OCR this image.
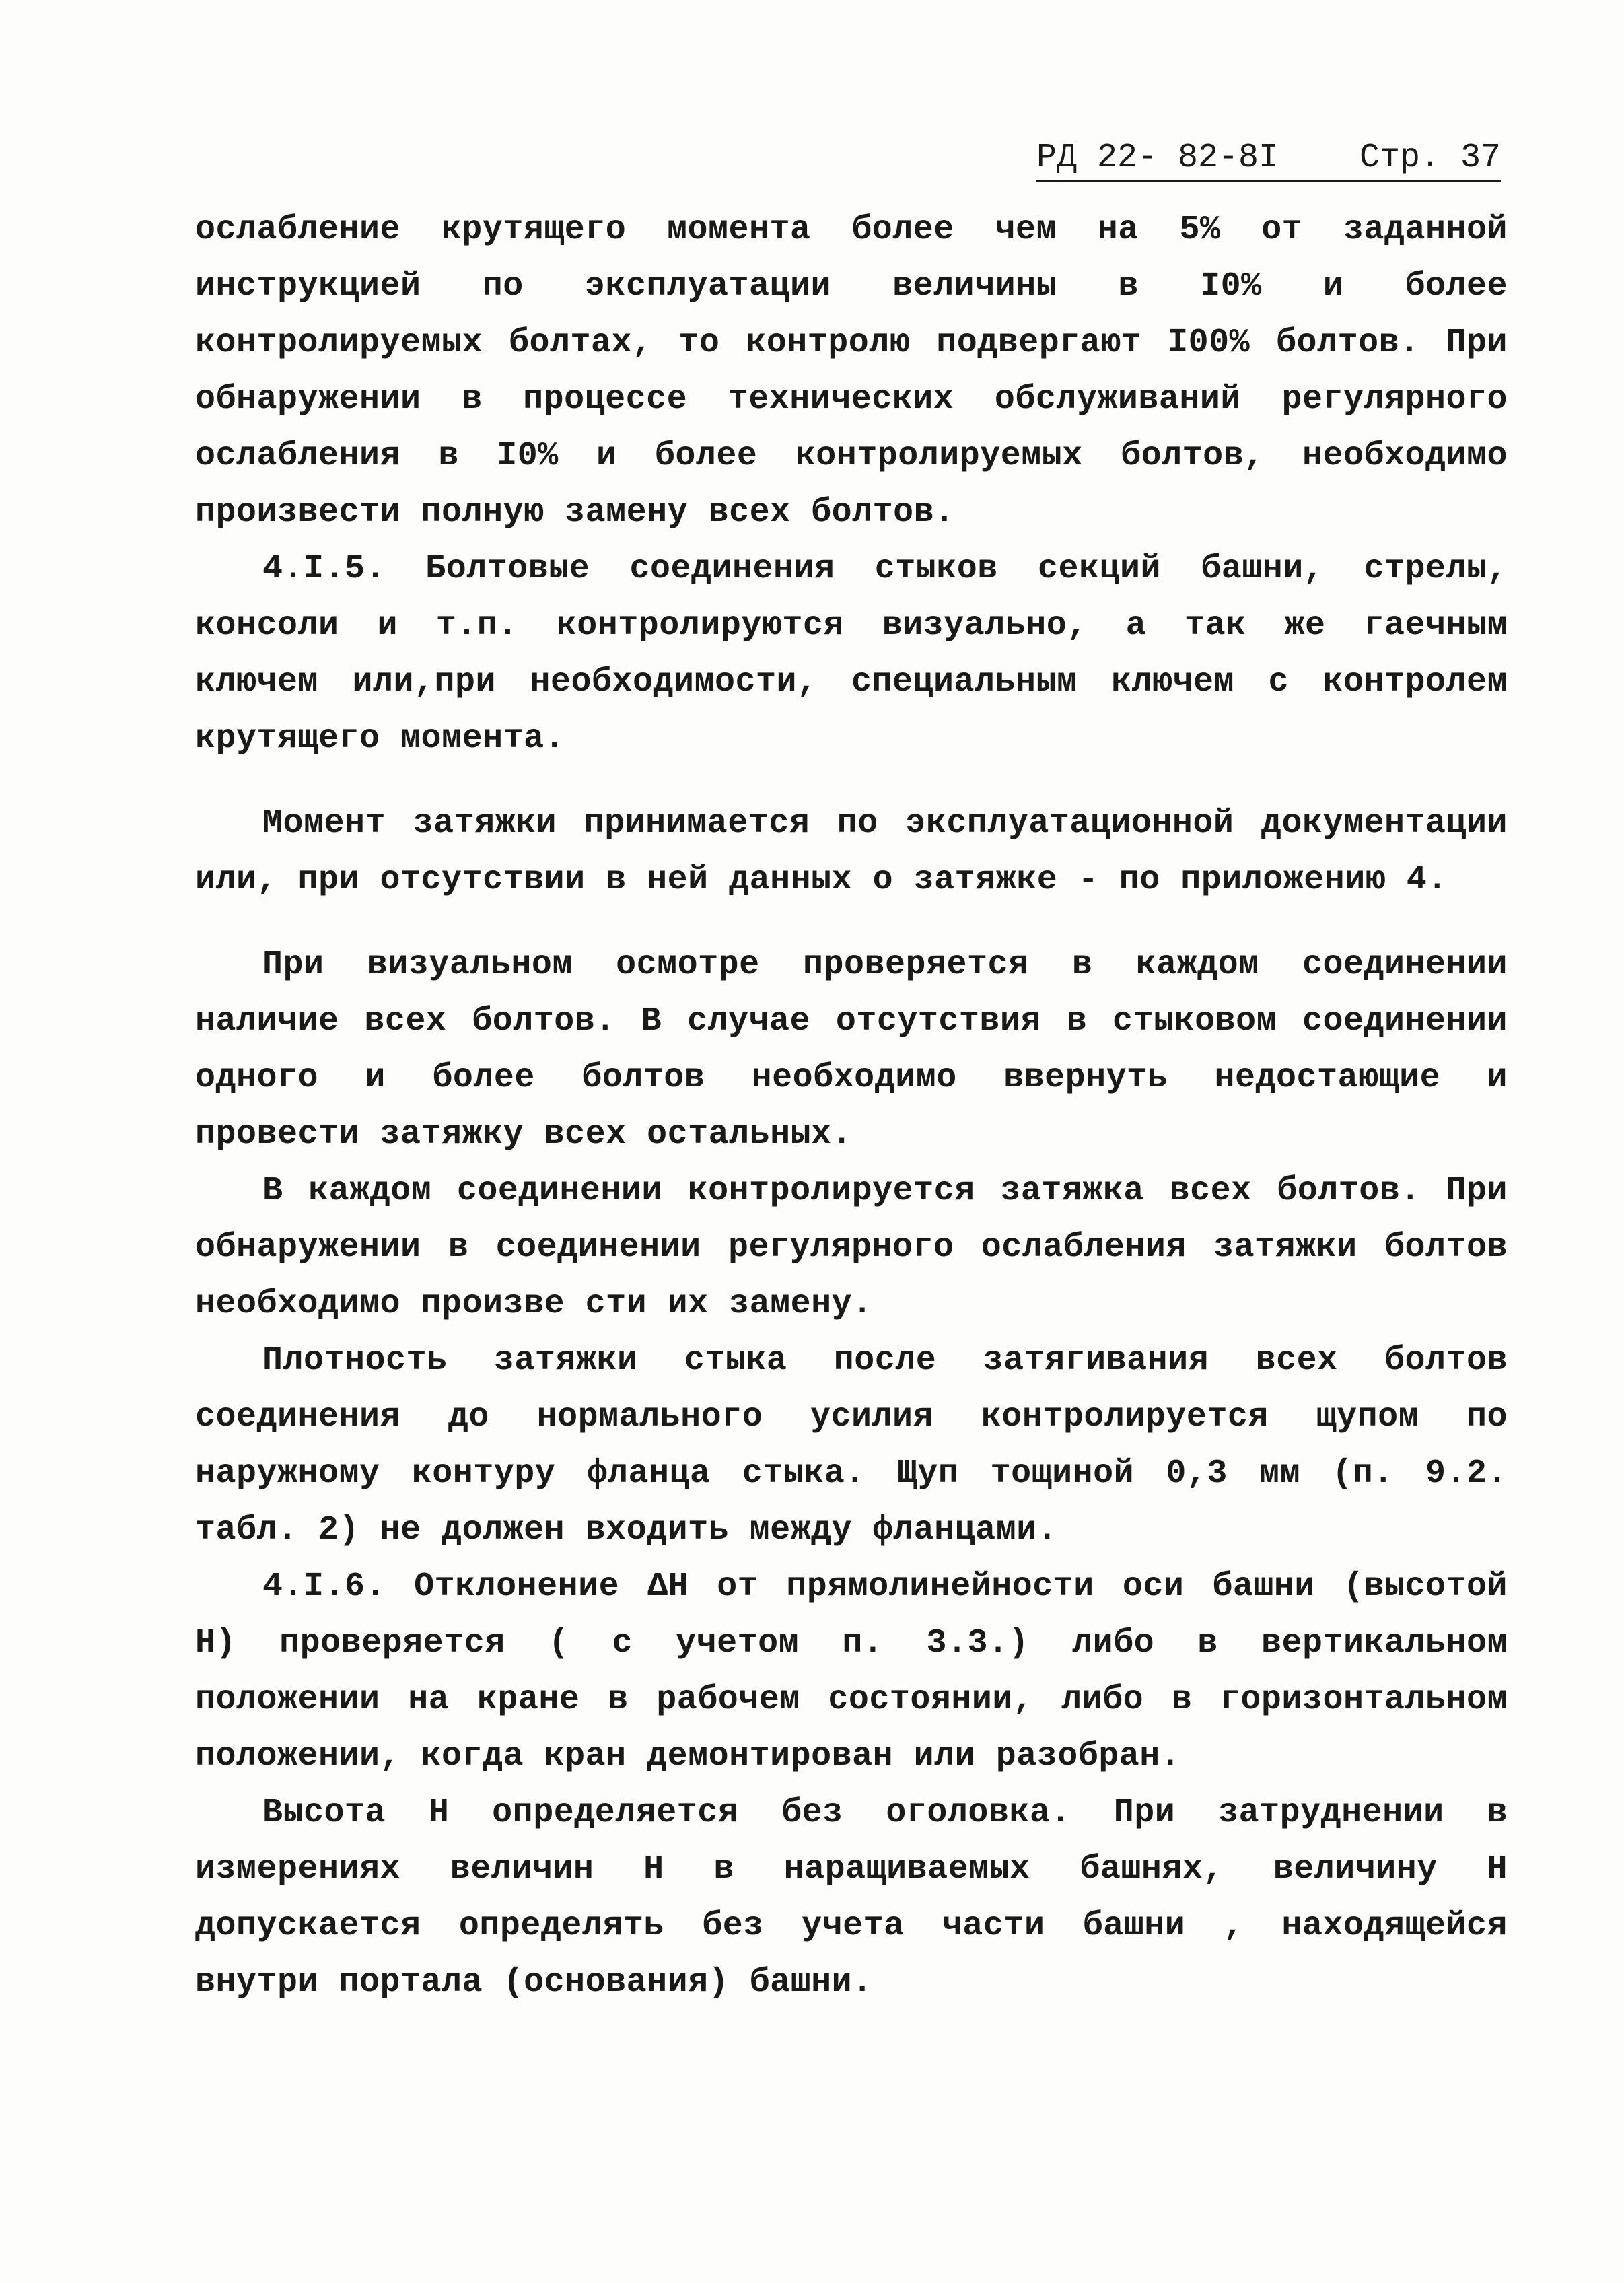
РД 22- 82-8I Стр. 37

ослабление крутящего момента более чем на 5% от заданной инструкцией по эксплуатации величины в I0% и более контролируемых болтах, то контролю подвергают I00% болтов. При обнаружении в процессе технических обслуживаний регулярного ослабления в I0% и более контролируемых болтов, необходимо произвести полную замену всех болтов.

4.I.5. Болтовые соединения стыков секций башни, стрелы, консоли и т.п. контролируются визуально, а так же гаечным ключем или,при необходимости, специальным ключем с контролем крутящего момента.

Момент затяжки принимается по эксплуатационной документации или, при отсутствии в ней данных о затяжке - по приложению 4.

При визуальном осмотре проверяется в каждом соединении наличие всех болтов. В случае отсутствия в стыковом соединении одного и более болтов необходимо ввернуть недостающие и провести затяжку всех остальных.

В каждом соединении контролируется затяжка всех болтов. При обнаружении в соединении регулярного ослабления затяжки болтов необходимо произве сти их замену.

Плотность затяжки стыка после затягивания всех болтов соединения до нормального усилия контролируется щупом по наружному контуру фланца стыка. Щуп тощиной 0,3 мм (п. 9.2. табл. 2) не должен входить между фланцами.

4.I.6. Отклонение ΔН от прямолинейности оси башни (высотой Н) проверяется ( с учетом п. 3.3.) либо в вертикальном положении на кране в рабочем состоянии, либо в горизонтальном положении, когда кран демонтирован или разобран.

Высота Н определяется без оголовка. При затруднении в измерениях величин Н в наращиваемых башнях, величину Н допускается определять без учета части башни , находящейся внутри портала (основания) башни.
